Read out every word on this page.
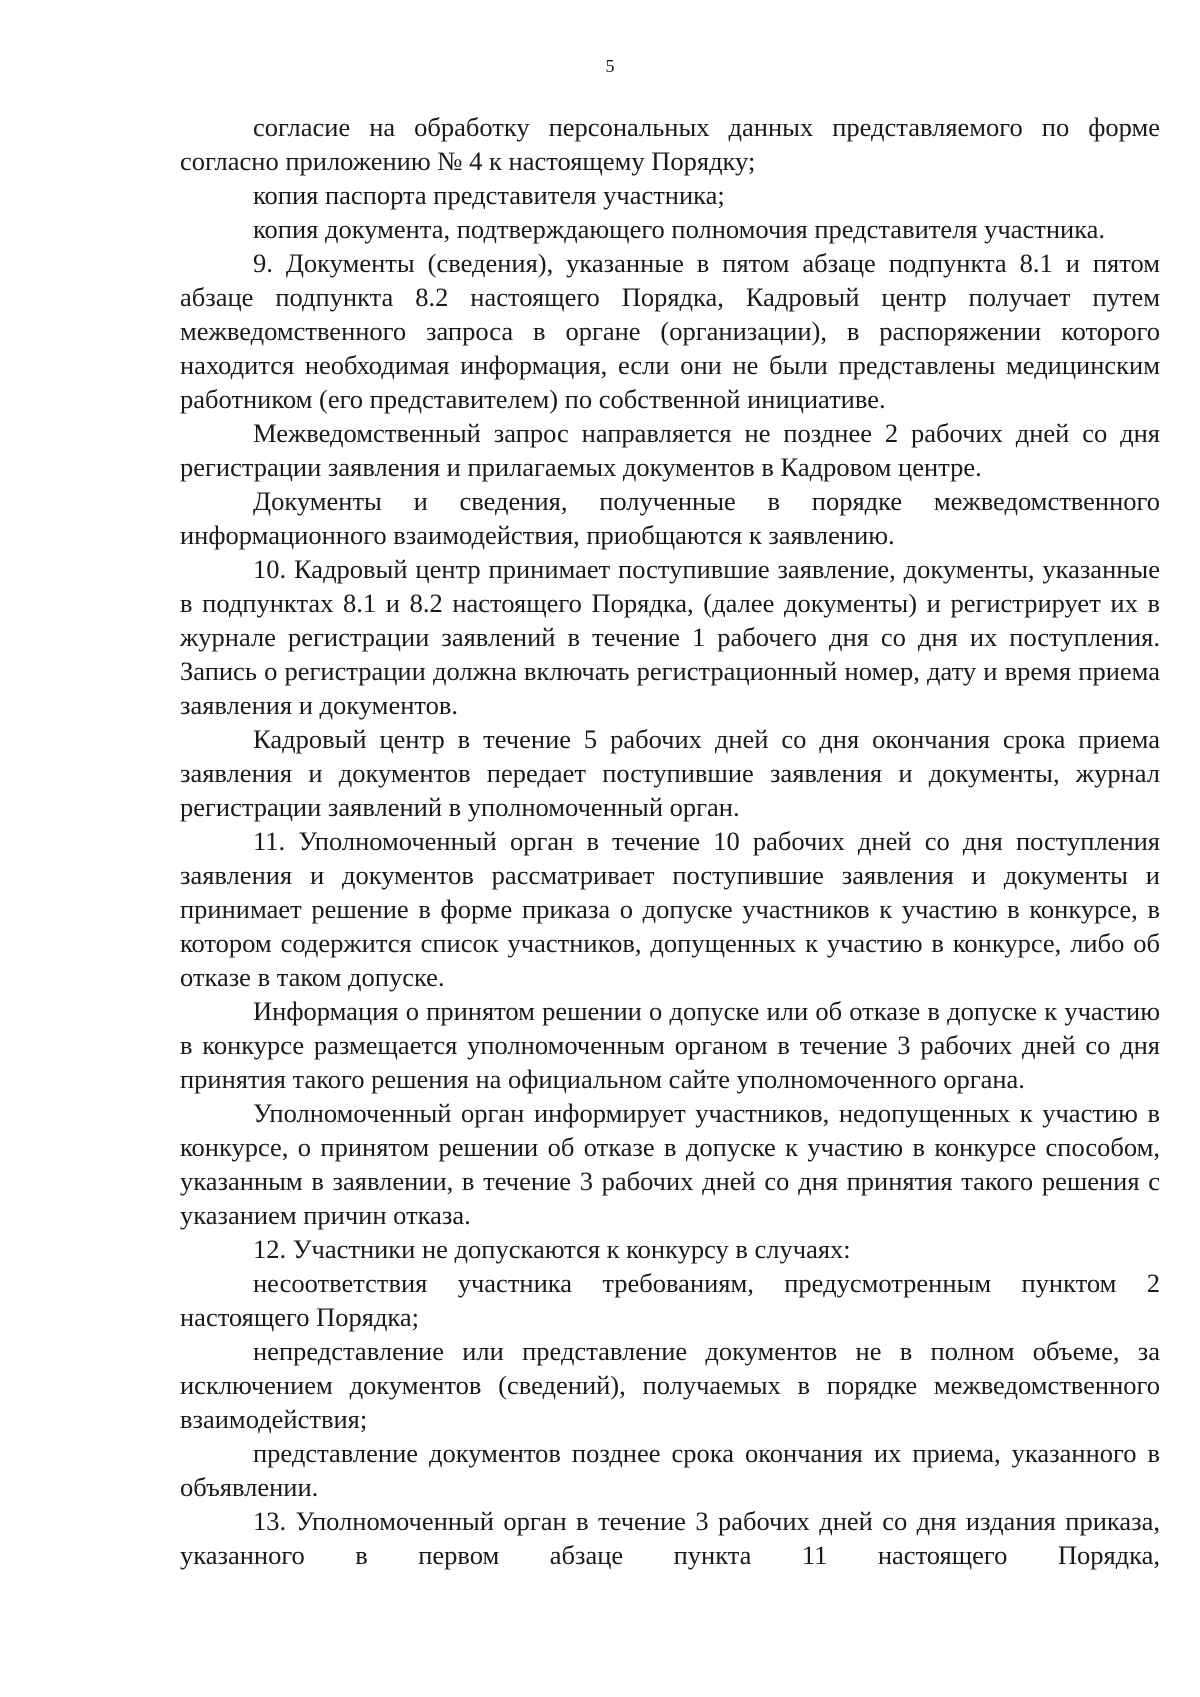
5

согласие на обработку персональных данных представляемого по форме согласно приложению № 4 к настоящему Порядку;

копия паспорта представителя участника;

копия документа, подтверждающего полномочия представителя участника.

9. Документы (сведения), указанные в пятом абзаце подпункта 8.1 и пятом абзаце подпункта 8.2 настоящего Порядка, Кадровый центр получает путем межведомственного запроса в органе (организации), в распоряжении которого находится необходимая информация, если они не были представлены медицинским работником (его представителем) по собственной инициативе.

Межведомственный запрос направляется не позднее 2 рабочих дней со дня регистрации заявления и прилагаемых документов в Кадровом центре.

Документы и сведения, полученные в порядке межведомственного информационного взаимодействия, приобщаются к заявлению.

10. Кадровый центр принимает поступившие заявление, документы, указанные в подпунктах 8.1 и 8.2 настоящего Порядка, (далее документы) и регистрирует их в журнале регистрации заявлений в течение 1 рабочего дня со дня их поступления. Запись о регистрации должна включать регистрационный номер, дату и время приема заявления и документов.

Кадровый центр в течение 5 рабочих дней со дня окончания срока приема заявления и документов передает поступившие заявления и документы, журнал регистрации заявлений в уполномоченный орган.

11. Уполномоченный орган в течение 10 рабочих дней со дня поступления заявления и документов рассматривает поступившие заявления и документы и принимает решение в форме приказа о допуске участников к участию в конкурсе, в котором содержится список участников, допущенных к участию в конкурсе, либо об отказе в таком допуске.

Информация о принятом решении о допуске или об отказе в допуске к участию в конкурсе размещается уполномоченным органом в течение 3 рабочих дней со дня принятия такого решения на официальном сайте уполномоченного органа.

Уполномоченный орган информирует участников, недопущенных к участию в конкурсе, о принятом решении об отказе в допуске к участию в конкурсе способом, указанным в заявлении, в течение 3 рабочих дней со дня принятия такого решения с указанием причин отказа.

12. Участники не допускаются к конкурсу в случаях:

несоответствия участника требованиям, предусмотренным пунктом 2 настоящего Порядка;

непредставление или представление документов не в полном объеме, за исключением документов (сведений), получаемых в порядке межведомственного взаимодействия;

представление документов позднее срока окончания их приема, указанного в объявлении.

13. Уполномоченный орган в течение 3 рабочих дней со дня издания приказа, указанного в первом абзаце пункта 11 настоящего Порядка,
